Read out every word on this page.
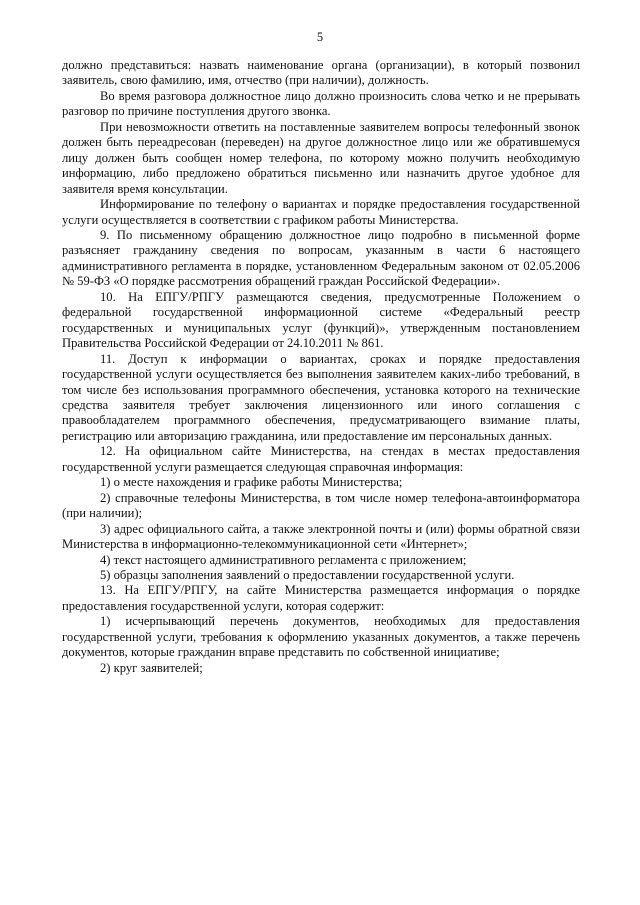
5

должно представиться: назвать наименование органа (организации), в который позвонил заявитель, свою фамилию, имя, отчество (при наличии), должность.

Во время разговора должностное лицо должно произносить слова четко и не прерывать разговор по причине поступления другого звонка.

При невозможности ответить на поставленные заявителем вопросы телефонный звонок должен быть переадресован (переведен) на другое должностное лицо или же обратившемуся лицу должен быть сообщен номер телефона, по которому можно получить необходимую информацию, либо предложено обратиться письменно или назначить другое удобное для заявителя время консультации.

Информирование по телефону о вариантах и порядке предоставления государственной услуги осуществляется в соответствии с графиком работы Министерства.

9. По письменному обращению должностное лицо подробно в письменной форме разъясняет гражданину сведения по вопросам, указанным в части 6 настоящего административного регламента в порядке, установленном Федеральным законом от 02.05.2006 № 59-ФЗ «О порядке рассмотрения обращений граждан Российской Федерации».

10. На ЕПГУ/РПГУ размещаются сведения, предусмотренные Положением о федеральной государственной информационной системе «Федеральный реестр государственных и муниципальных услуг (функций)», утвержденным постановлением Правительства Российской Федерации от 24.10.2011 № 861.

11. Доступ к информации о вариантах, сроках и порядке предоставления государственной услуги осуществляется без выполнения заявителем каких-либо требований, в том числе без использования программного обеспечения, установка которого на технические средства заявителя требует заключения лицензионного или иного соглашения с правообладателем программного обеспечения, предусматривающего взимание платы, регистрацию или авторизацию гражданина, или предоставление им персональных данных.

12. На официальном сайте Министерства, на стендах в местах предоставления государственной услуги размещается следующая справочная информация:

1) о месте нахождения и графике работы Министерства;

2) справочные телефоны Министерства, в том числе номер телефона-автоинформатора (при наличии);

3) адрес официального сайта, а также электронной почты и (или) формы обратной связи Министерства в информационно-телекоммуникационной сети «Интернет»;

4) текст настоящего административного регламента с приложением;

5) образцы заполнения заявлений о предоставлении государственной услуги.

13. На ЕПГУ/РПГУ, на сайте Министерства размещается информация о порядке предоставления государственной услуги, которая содержит:

1) исчерпывающий перечень документов, необходимых для предоставления государственной услуги, требования к оформлению указанных документов, а также перечень документов, которые гражданин вправе представить по собственной инициативе;

2) круг заявителей;
